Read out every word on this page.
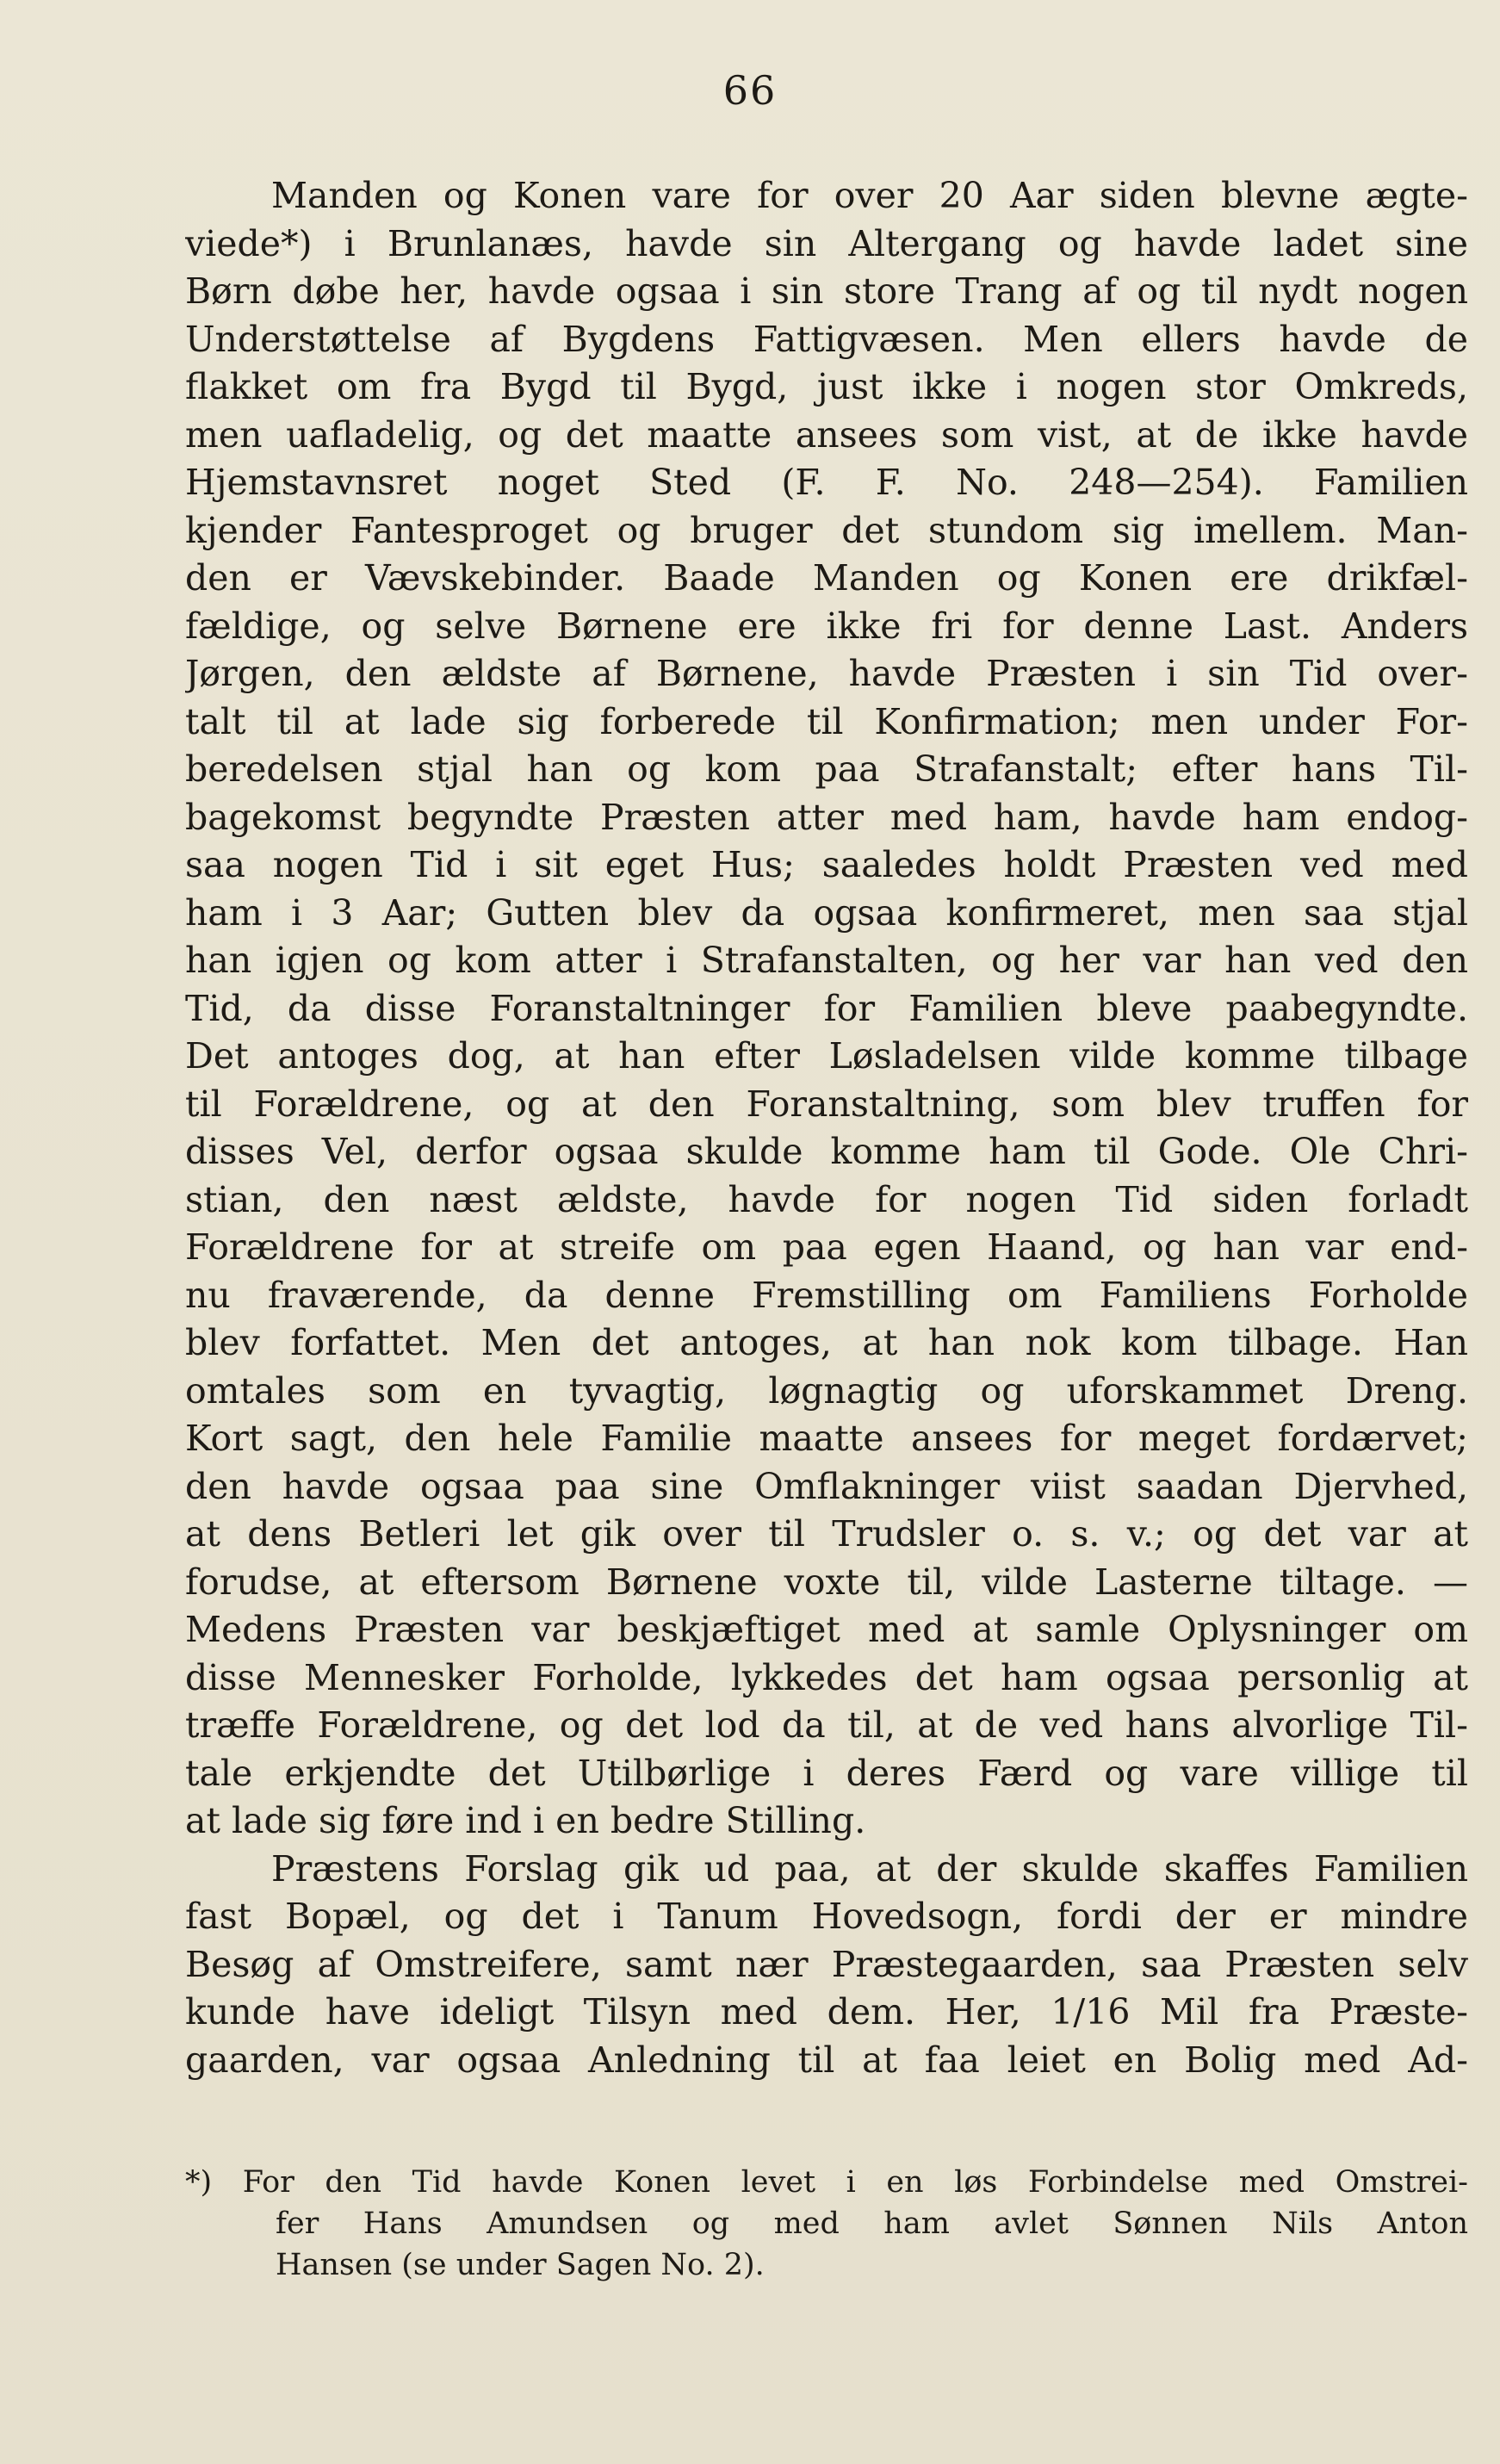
66
Manden og Konen vare for over 20 Aar siden blevne ægte-
viede*) i Brunlanæs, havde sin Altergang og havde ladet sine
Børn døbe her, havde ogsaa i sin store Trang af og til nydt nogen
Understøttelse af Bygdens Fattigvæsen. Men ellers havde de
flakket om fra Bygd til Bygd, just ikke i nogen stor Omkreds,
men uafladelig, og det maatte ansees som vist, at de ikke havde
Hjemstavnsret noget Sted (F. F. No. 248—254). Familien
kjender Fantesproget og bruger det stundom sig imellem. Man-
den er Vævskebinder. Baade Manden og Konen ere drikfæl-
fældige, og selve Børnene ere ikke fri for denne Last. Anders
Jørgen, den ældste af Børnene, havde Præsten i sin Tid over-
talt til at lade sig forberede til Konfirmation; men under For-
beredelsen stjal han og kom paa Strafanstalt; efter hans Til-
bagekomst begyndte Præsten atter med ham, havde ham endog-
saa nogen Tid i sit eget Hus; saaledes holdt Præsten ved med
ham i 3 Aar; Gutten blev da ogsaa konfirmeret, men saa stjal
han igjen og kom atter i Strafanstalten, og her var han ved den
Tid, da disse Foranstaltninger for Familien bleve paabegyndte.
Det antoges dog, at han efter Løsladelsen vilde komme tilbage
til Forældrene, og at den Foranstaltning, som blev truffen for
disses Vel, derfor ogsaa skulde komme ham til Gode. Ole Chri-
stian, den næst ældste, havde for nogen Tid siden forladt
Forældrene for at streife om paa egen Haand, og han var end-
nu fraværende, da denne Fremstilling om Familiens Forholde
blev forfattet. Men det antoges, at han nok kom tilbage. Han
omtales som en tyvagtig, løgnagtig og uforskammet Dreng.
Kort sagt, den hele Familie maatte ansees for meget fordærvet;
den havde ogsaa paa sine Omflakninger viist saadan Djervhed,
at dens Betleri let gik over til Trudsler o. s. v.; og det var at
forudse, at eftersom Børnene voxte til, vilde Lasterne tiltage. —
Medens Præsten var beskjæftiget med at samle Oplysninger om
disse Mennesker Forholde, lykkedes det ham ogsaa personlig at
træffe Forældrene, og det lod da til, at de ved hans alvorlige Til-
tale erkjendte det Utilbørlige i deres Færd og vare villige til
at lade sig føre ind i en bedre Stilling.
Præstens Forslag gik ud paa, at der skulde skaffes Familien
fast Bopæl, og det i Tanum Hovedsogn, fordi der er mindre
Besøg af Omstreifere, samt nær Præstegaarden, saa Præsten selv
kunde have ideligt Tilsyn med dem. Her, 1/16 Mil fra Præste-
gaarden, var ogsaa Anledning til at faa leiet en Bolig med Ad-
*) For den Tid havde Konen levet i en løs Forbindelse med Omstrei-
fer Hans Amundsen og med ham avlet Sønnen Nils Anton
Hansen (se under Sagen No. 2).
